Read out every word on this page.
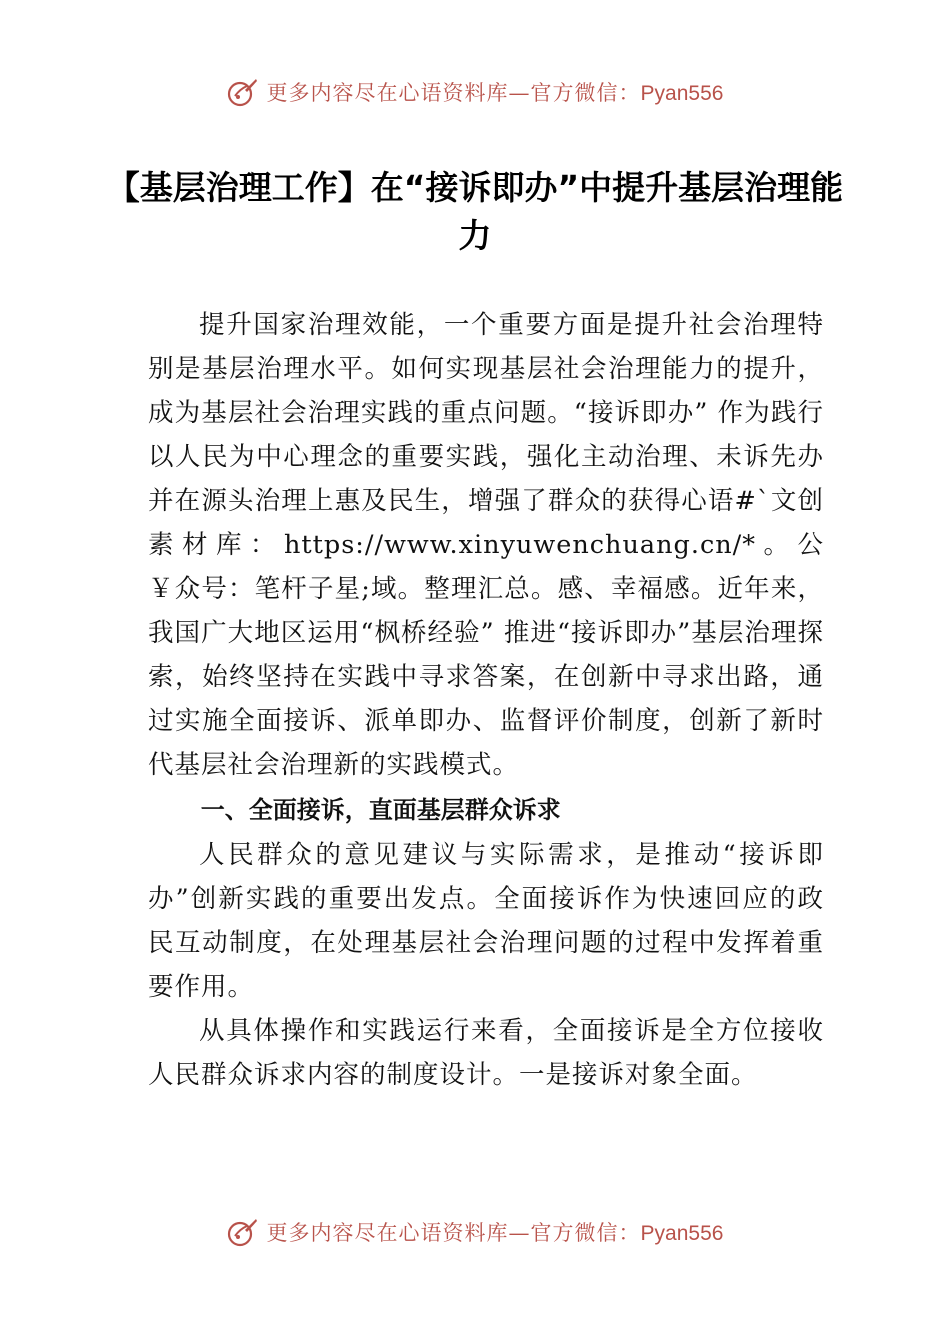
更多内容尽在心语资料库—官方微信：Pyan556
【基层治理工作】在“接诉即办”中提升基层治理能力

提升国家治理效能，一个重要方面是提升社会治理特别是基层治理水平。如何实现基层社会治理能力的提升，成为基层社会治理实践的重点问题。“接诉即办” 作为践行以人民为中心理念的重要实践，强化主动治理、未诉先办并在源头治理上惠及民生，增强了群众的获得心语#`文创素材库：https://www.xinyuwenchuang.cn/*。公￥众号：笔杆子星;域。整理汇总。感、幸福感。近年来，我国广大地区运用“枫桥经验” 推进“接诉即办”基层治理探索，始终坚持在实践中寻求答案，在创新中寻求出路，通过实施全面接诉、派单即办、监督评价制度，创新了新时代基层社会治理新的实践模式。

一、全面接诉，直面基层群众诉求

人民群众的意见建议与实际需求，是推动“接诉即办”创新实践的重要出发点。全面接诉作为快速回应的政民互动制度，在处理基层社会治理问题的过程中发挥着重要作用。

从具体操作和实践运行来看，全面接诉是全方位接收人民群众诉求内容的制度设计。一是接诉对象全面。

更多内容尽在心语资料库—官方微信：Pyan556
